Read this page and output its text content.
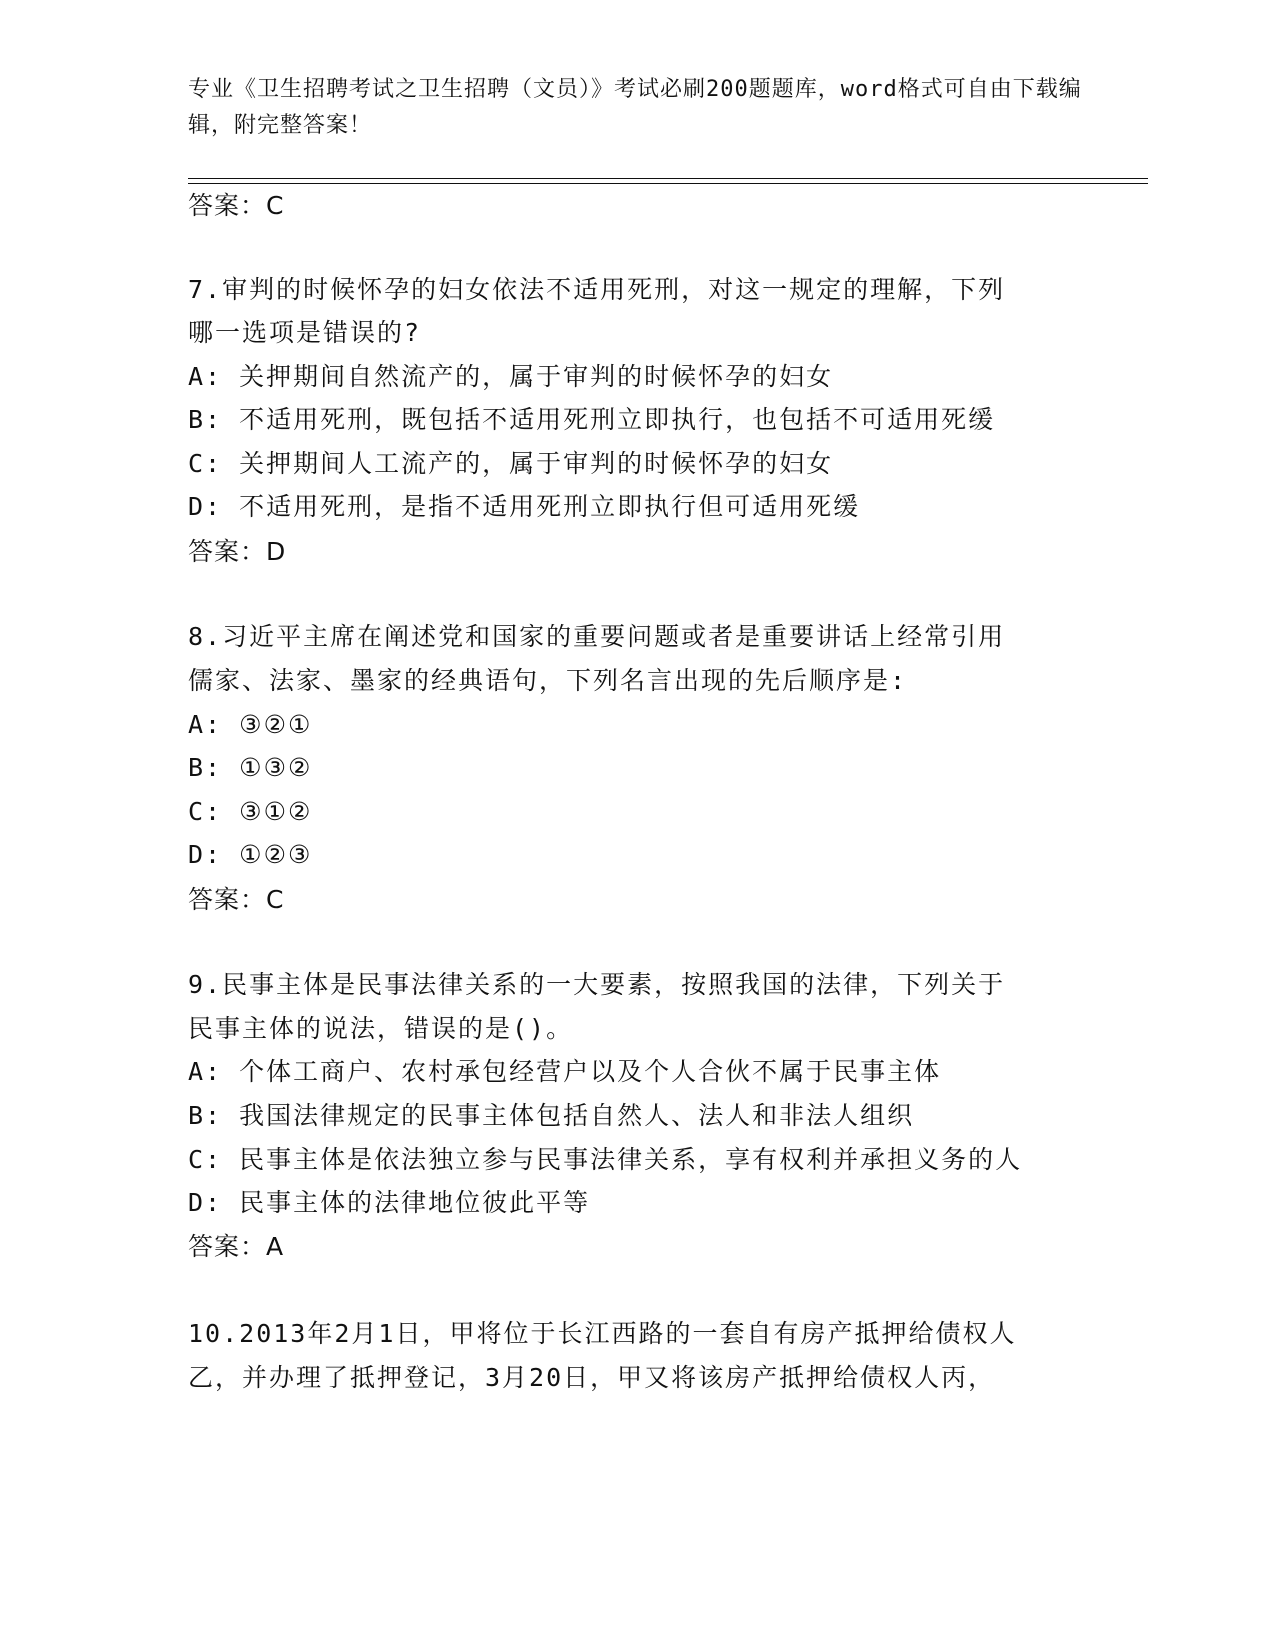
专业《卫生招聘考试之卫生招聘（文员）》考试必刷200题题库，word格式可自由下载编辑，附完整答案！
答案：C
7.审判的时候怀孕的妇女依法不适用死刑，对这一规定的理解，下列
哪一选项是错误的?
A: 关押期间自然流产的，属于审判的时候怀孕的妇女
B: 不适用死刑，既包括不适用死刑立即执行，也包括不可适用死缓
C: 关押期间人工流产的，属于审判的时候怀孕的妇女
D: 不适用死刑，是指不适用死刑立即执行但可适用死缓
答案：D
8.习近平主席在阐述党和国家的重要问题或者是重要讲话上经常引用
儒家、法家、墨家的经典语句，下列名言出现的先后顺序是:
A: ③②①
B: ①③②
C: ③①②
D: ①②③
答案：C
9.民事主体是民事法律关系的一大要素，按照我国的法律，下列关于
民事主体的说法，错误的是()。
A: 个体工商户、农村承包经营户以及个人合伙不属于民事主体
B: 我国法律规定的民事主体包括自然人、法人和非法人组织
C: 民事主体是依法独立参与民事法律关系，享有权利并承担义务的人
D: 民事主体的法律地位彼此平等
答案：A
10.2013年2月1日，甲将位于长江西路的一套自有房产抵押给债权人
乙，并办理了抵押登记，3月20日，甲又将该房产抵押给债权人丙，
